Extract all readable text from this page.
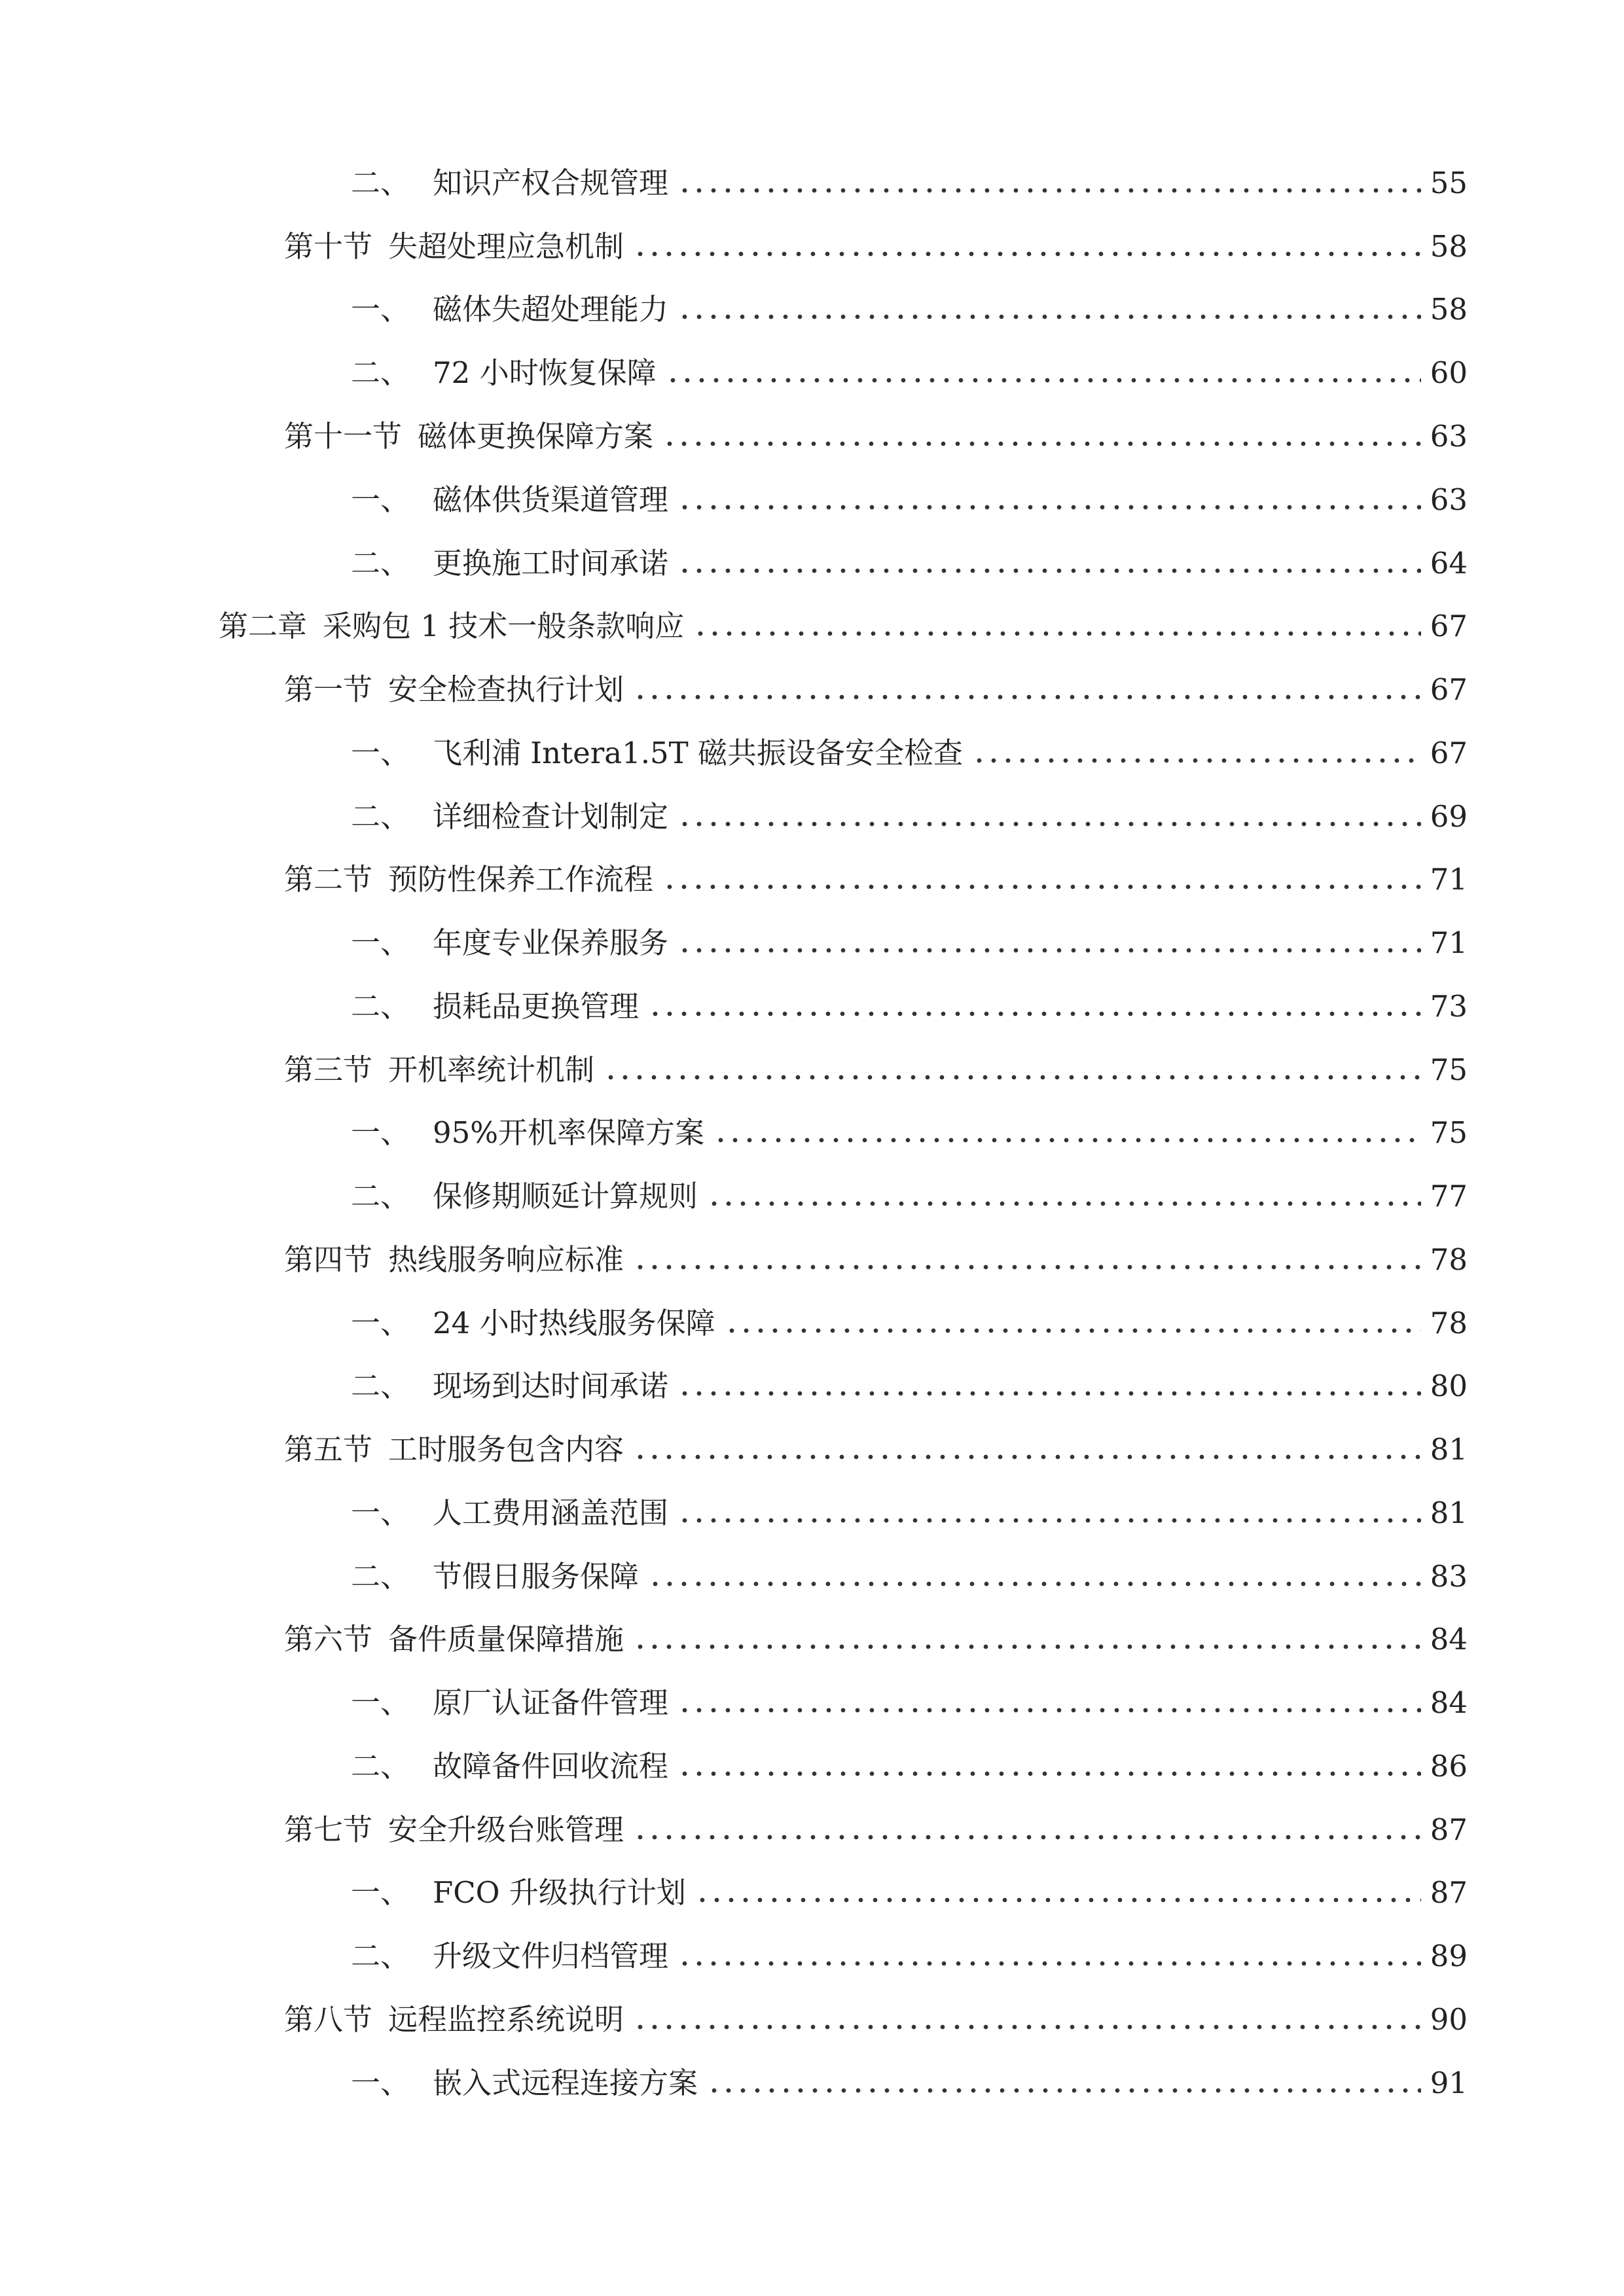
二、 知识产权合规管理	55
第十节 失超处理应急机制	58
一、 磁体失超处理能力	58
二、 72 小时恢复保障	60
第十一节 磁体更换保障方案	63
一、 磁体供货渠道管理	63
二、 更换施工时间承诺	64
第二章 采购包 1 技术一般条款响应	67
第一节 安全检查执行计划	67
一、 飞利浦 Intera1.5T 磁共振设备安全检查	67
二、 详细检查计划制定	69
第二节 预防性保养工作流程	71
一、 年度专业保养服务	71
二、 损耗品更换管理	73
第三节 开机率统计机制	75
一、 95%开机率保障方案	75
二、 保修期顺延计算规则	77
第四节 热线服务响应标准	78
一、 24 小时热线服务保障	78
二、 现场到达时间承诺	80
第五节 工时服务包含内容	81
一、 人工费用涵盖范围	81
二、 节假日服务保障	83
第六节 备件质量保障措施	84
一、 原厂认证备件管理	84
二、 故障备件回收流程	86
第七节 安全升级台账管理	87
一、 FCO 升级执行计划	87
二、 升级文件归档管理	89
第八节 远程监控系统说明	90
一、 嵌入式远程连接方案	91
